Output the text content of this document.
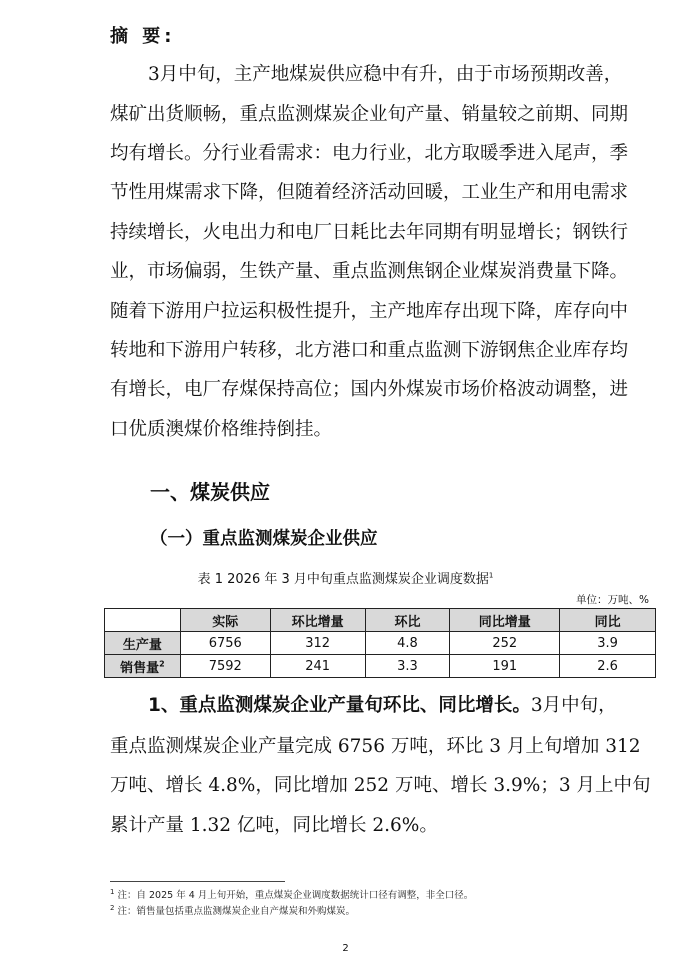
摘 要:
3月中旬，主产地煤炭供应稳中有升，由于市场预期改善，
煤矿出货顺畅，重点监测煤炭企业旬产量、销量较之前期、同期
均有增长。分行业看需求：电力行业，北方取暖季进入尾声，季
节性用煤需求下降，但随着经济活动回暖，工业生产和用电需求
持续增长，火电出力和电厂日耗比去年同期有明显增长；钢铁行
业，市场偏弱，生铁产量、重点监测焦钢企业煤炭消费量下降。
随着下游用户拉运积极性提升，主产地库存出现下降，库存向中
转地和下游用户转移，北方港口和重点监测下游钢焦企业库存均
有增长，电厂存煤保持高位；国内外煤炭市场价格波动调整，进
口优质澳煤价格维持倒挂。
一、煤炭供应
（一）重点监测煤炭企业供应
表 1 2026 年 3 月中旬重点监测煤炭企业调度数据$^1$
单位：万吨、%
	实际	环比增量	环比	同比增量	同比
生产量	6756	312	4.8	252	3.9
销售量$^2$	7592	241	3.3	191	2.6
1、重点监测煤炭企业产量旬环比、同比增长。3月中旬，
重点监测煤炭企业产量完成 6756 万吨，环比 3 月上旬增加 312
万吨、增长 4.8%，同比增加 252 万吨、增长 3.9%；3 月上中旬
累计产量 1.32 亿吨，同比增长 2.6%。
$^1$ 注：自 2025 年 4 月上旬开始，重点煤炭企业调度数据统计口径有调整，非全口径。
$^2$ 注：销售量包括重点监测煤炭企业自产煤炭和外购煤炭。
2
